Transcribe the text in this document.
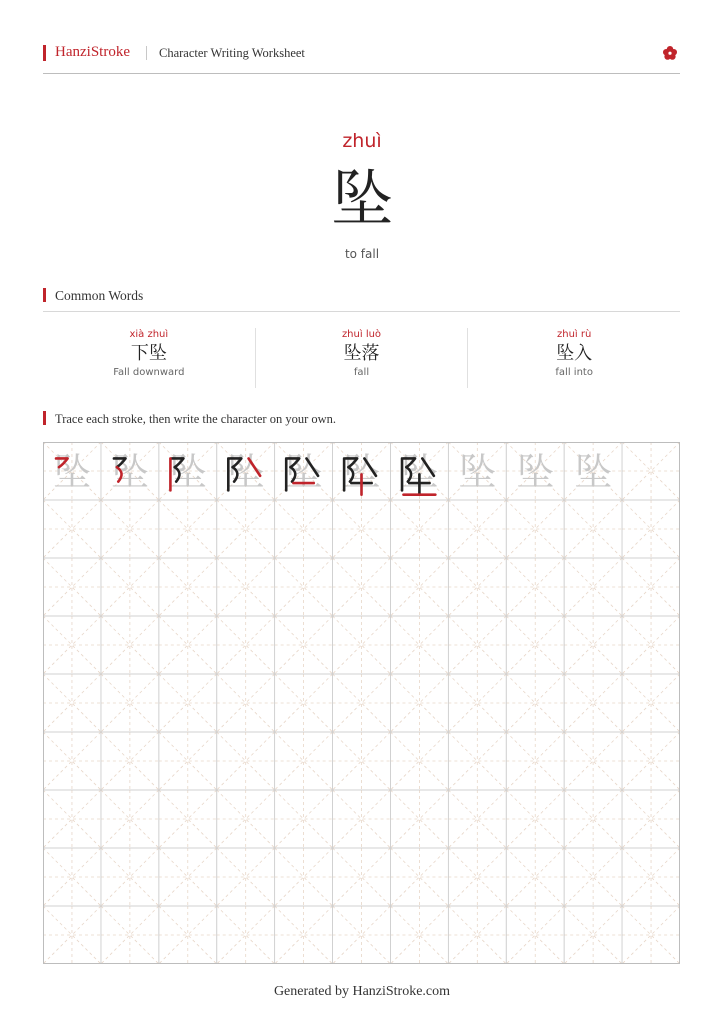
HanziStroke Character Writing Worksheet
zhuì
坠
to fall
Common Words
xià zhuì
下坠
Fall downward
zhuì luò
坠落
fall
zhuì rù
坠入
fall into
Trace each stroke, then write the character on your own.
坠 坠 坠 坠 坠 坠 坠 坠 坠 坠
Generated by HanziStroke.com
